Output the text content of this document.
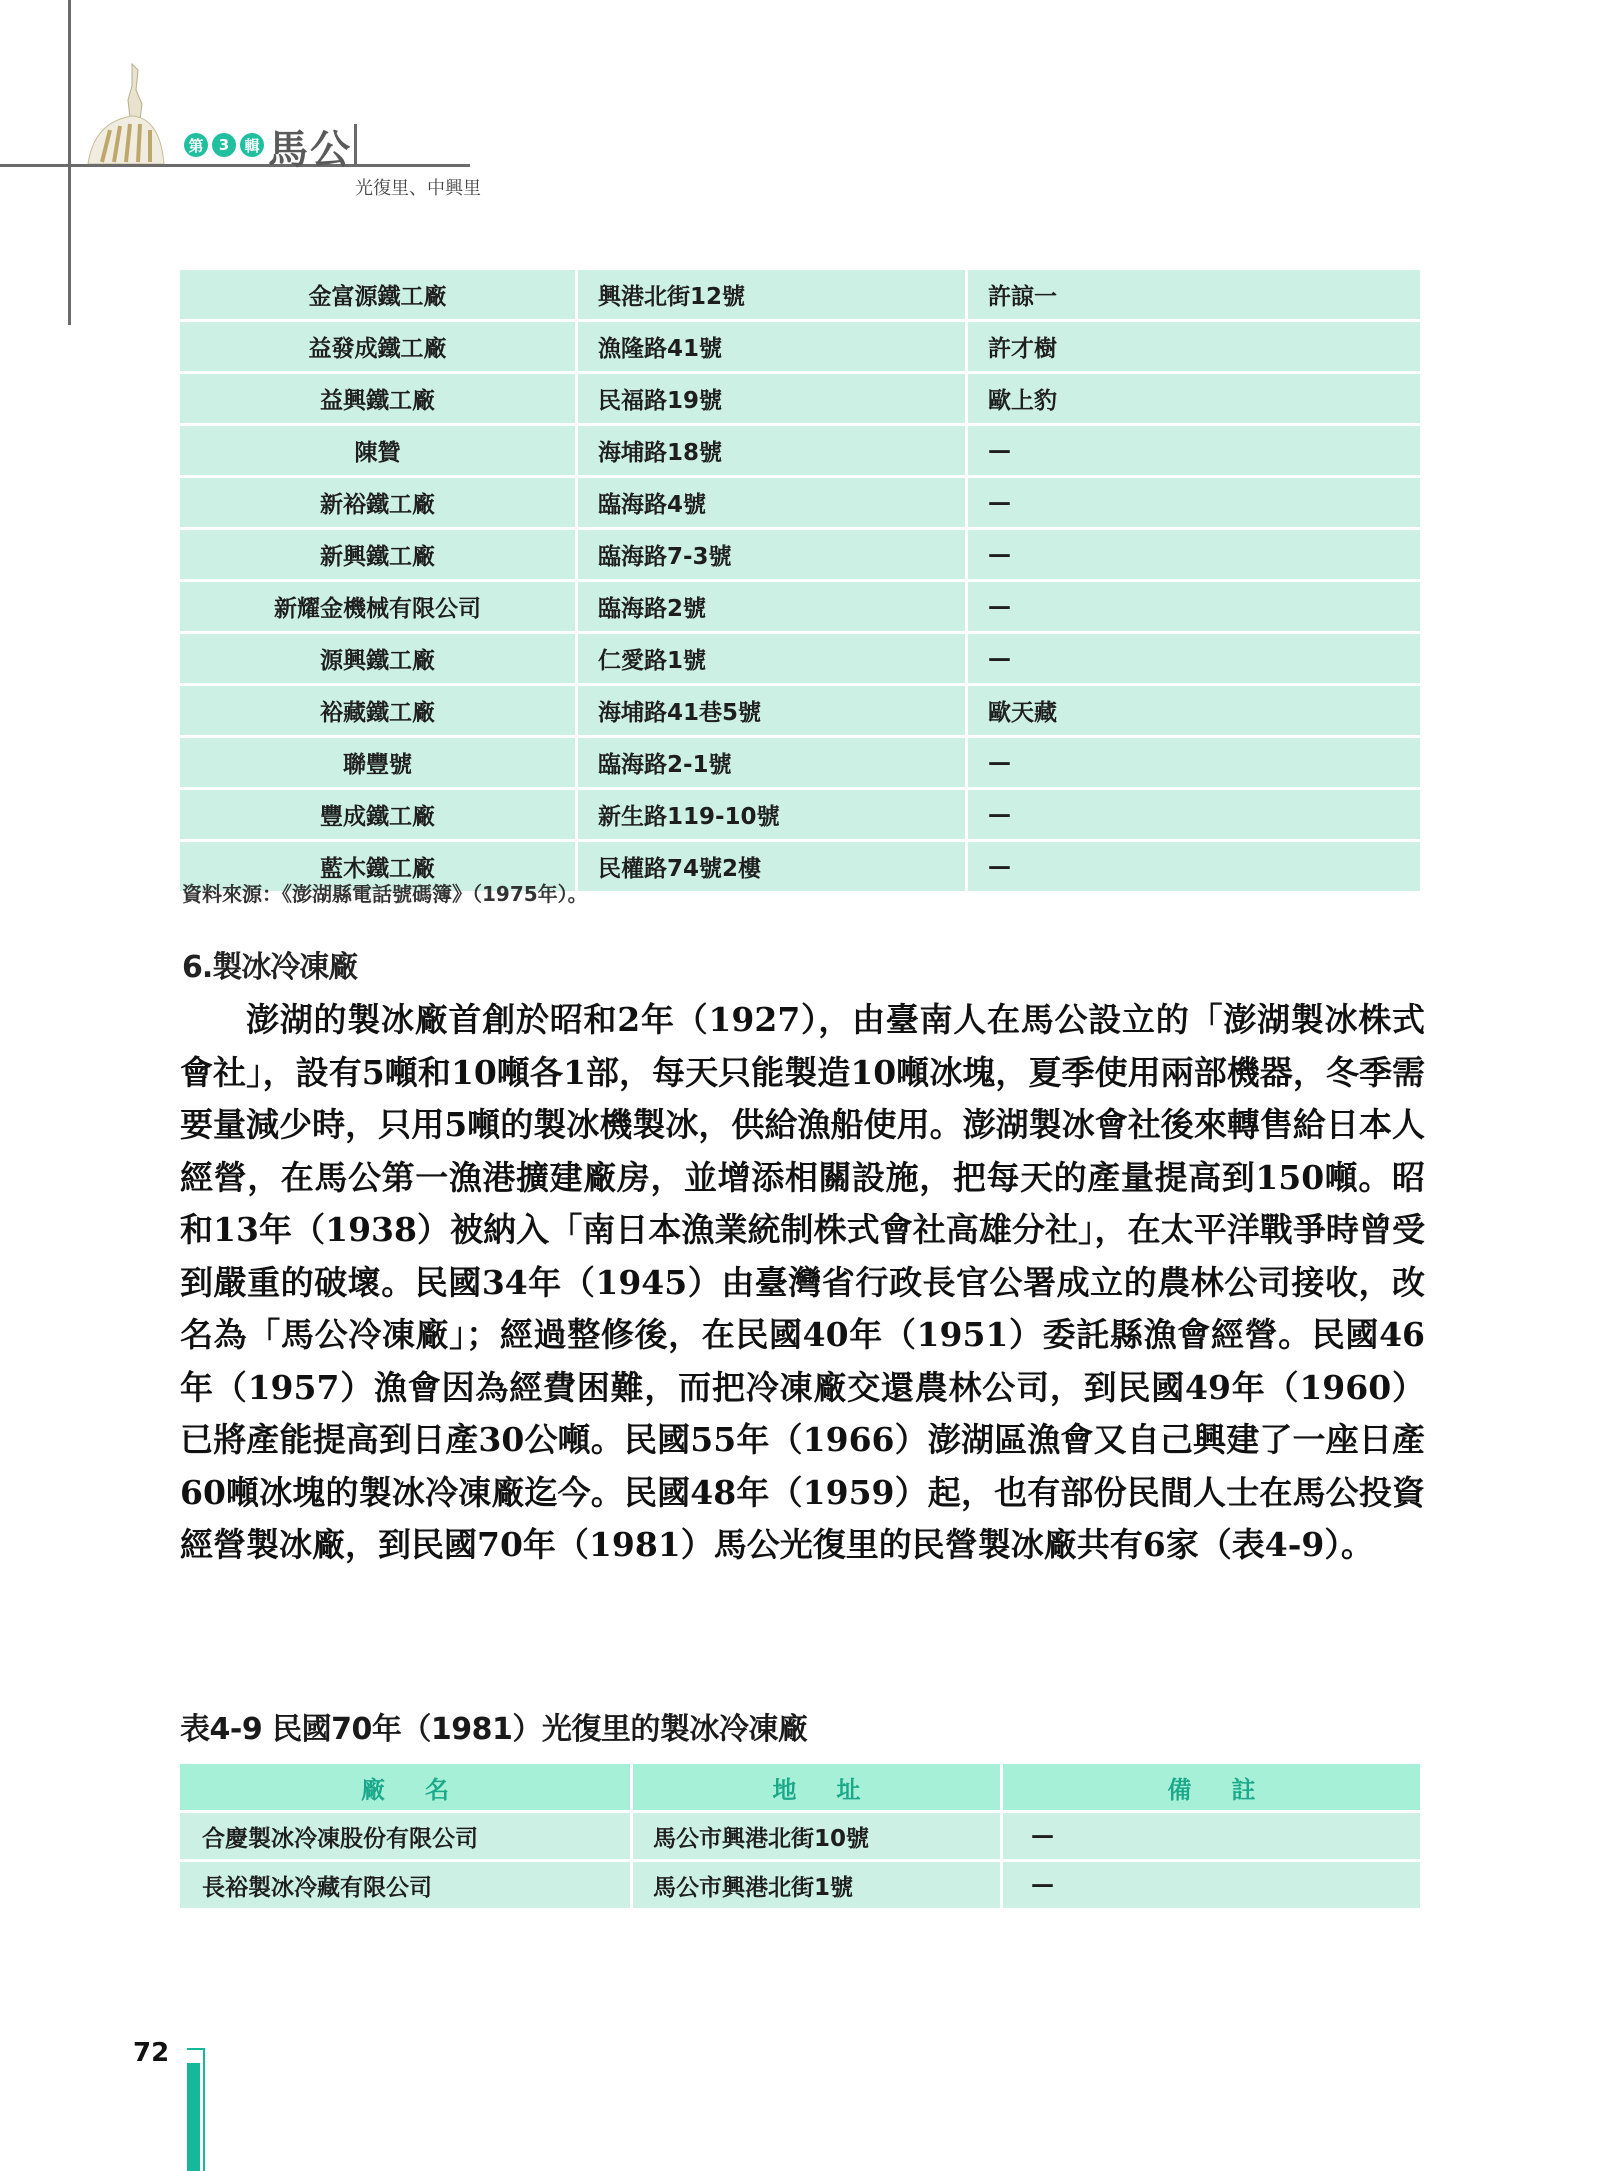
第	3	輯 馬公
光復里、中興里
金富源鐵工廠	興港北街12號	許諒一
益發成鐵工廠	漁隆路41號	許才樹
益興鐵工廠	民福路19號	歐上豹
陳贊	海埔路18號	—
新裕鐵工廠	臨海路4號	—
新興鐵工廠	臨海路7-3號	—
新耀金機械有限公司	臨海路2號	—
源興鐵工廠	仁愛路1號	—
裕藏鐵工廠	海埔路41巷5號	歐天藏
聯豐號	臨海路2-1號	—
豐成鐵工廠	新生路119-10號	—
藍木鐵工廠	民權路74號2樓	—
資料來源：《澎湖縣電話號碼簿》（1975年）。
6.製冰冷凍廠

澎湖的製冰廠首創於昭和2年（1927），由臺南人在馬公設立的「澎湖製冰株式會社」，設有5噸和10噸各1部，每天只能製造10噸冰塊，夏季使用兩部機器，冬季需要量減少時，只用5噸的製冰機製冰，供給漁船使用。澎湖製冰會社後來轉售給日本人經營，在馬公第一漁港擴建廠房，並增添相關設施，把每天的產量提高到150噸。昭和13年（1938）被納入「南日本漁業統制株式會社高雄分社」，在太平洋戰爭時曾受到嚴重的破壞。民國34年（1945）由臺灣省行政長官公署成立的農林公司接收，改名為「馬公冷凍廠」；經過整修後，在民國40年（1951）委託縣漁會經營。民國46年（1957）漁會因為經費困難，而把冷凍廠交還農林公司，到民國49年（1960）已將產能提高到日產30公噸。民國55年（1966）澎湖區漁會又自己興建了一座日產60噸冰塊的製冰冷凍廠迄今。民國48年（1959）起，也有部份民間人士在馬公投資經營製冰廠，到民國70年（1981）馬公光復里的民營製冰廠共有6家（表4-9）。

表4-9 民國70年（1981）光復里的製冰冷凍廠
廠名	地址	備註
合慶製冰冷凍股份有限公司	馬公市興港北街10號	—
長裕製冰冷藏有限公司	馬公市興港北街1號	—
72
